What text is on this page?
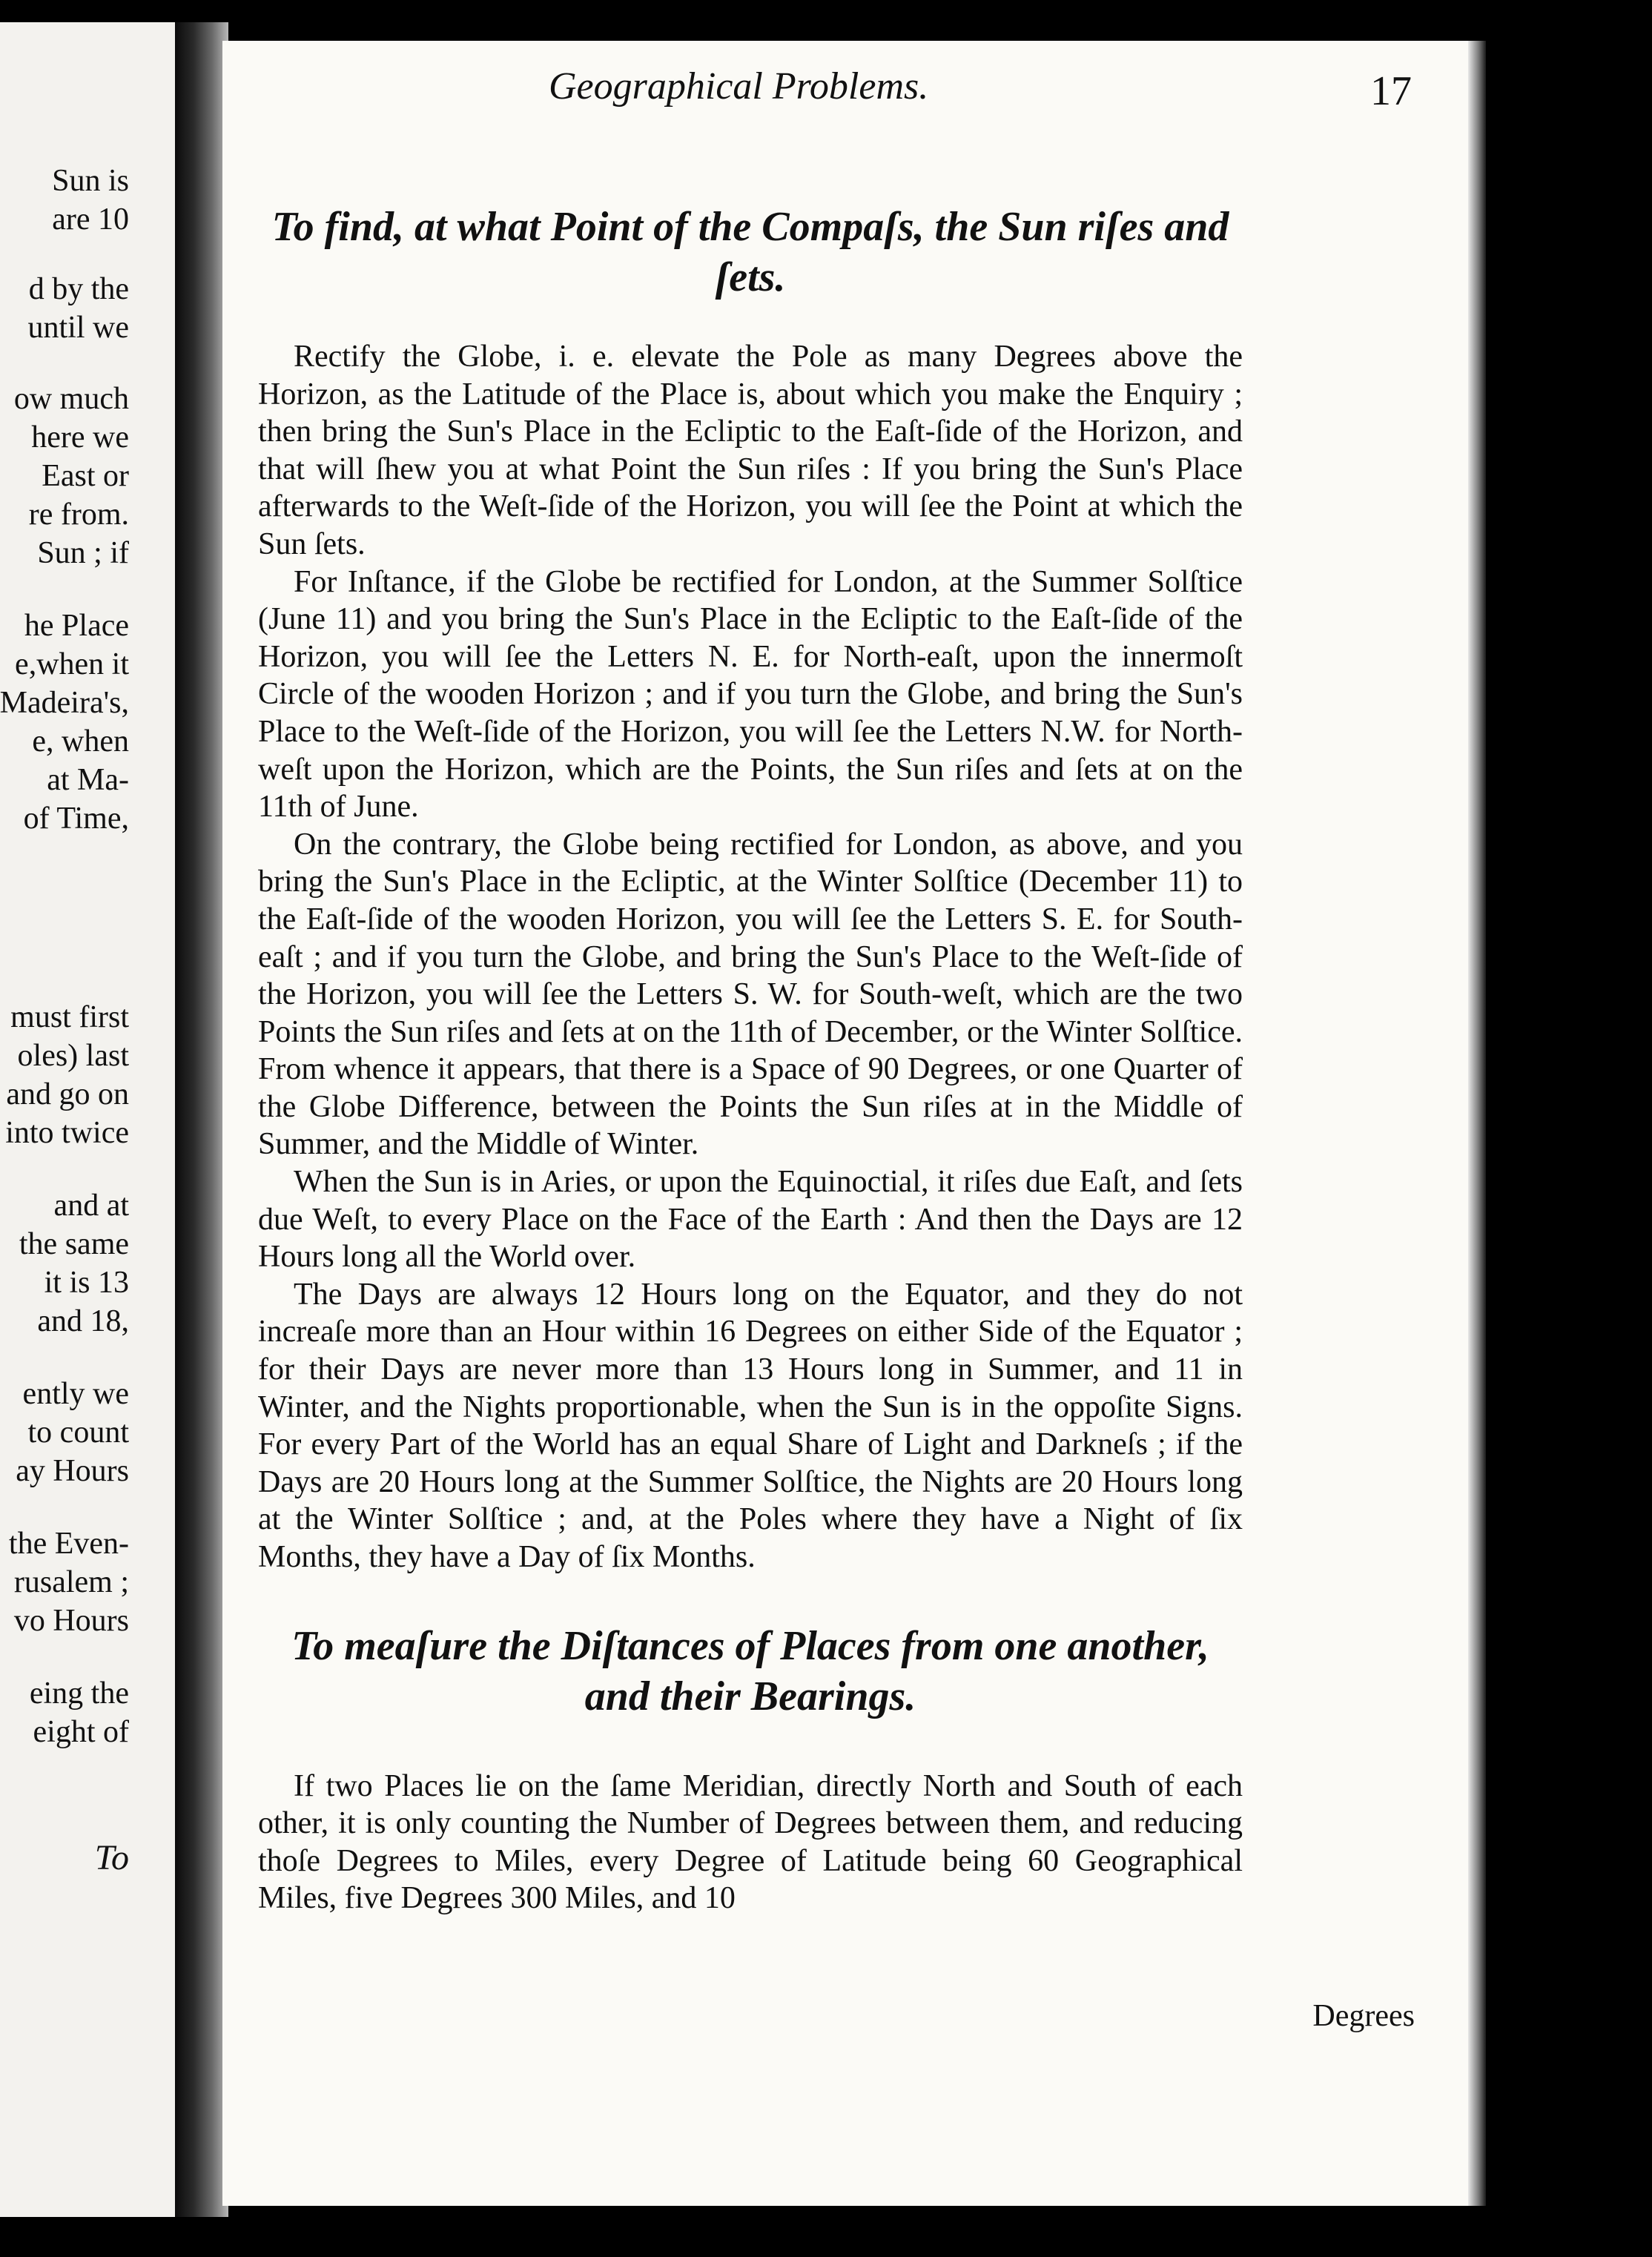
Sun is

are 10

d by the

until we

ow much

here we

East or

re from.

Sun ; if

he Place

e,when it

Madeira's,

e, when

at Ma-

of Time,

must first

oles) last

and go on

into twice

and at

the same

it is 13

and 18,

ently we

to count

ay Hours

the Even-

rusalem ;

vo Hours

eing the

eight of

To

Geographical Problems.	17
To find, at what Point of the Compaſs, the Sun riſes and ſets.

Rectify the Globe, i. e. elevate the Pole as many Degrees above the Horizon, as the Latitude of the Place is, about which you make the Enquiry ; then bring the Sun's Place in the Ecliptic to the Eaſt-ſide of the Horizon, and that will ſhew you at what Point the Sun riſes : If you bring the Sun's Place afterwards to the Weſt-ſide of the Horizon, you will ſee the Point at which the Sun ſets.

For Inſtance, if the Globe be rectified for London, at the Summer Solſtice (June 11) and you bring the Sun's Place in the Ecliptic to the Eaſt-ſide of the Horizon, you will ſee the Letters N. E. for North-eaſt, upon the innermoſt Circle of the wooden Horizon ; and if you turn the Globe, and bring the Sun's Place to the Weſt-ſide of the Horizon, you will ſee the Letters N.W. for North-weſt upon the Horizon, which are the Points, the Sun riſes and ſets at on the 11th of June.

On the contrary, the Globe being rectified for London, as above, and you bring the Sun's Place in the Ecliptic, at the Winter Solſtice (December 11) to the Eaſt-ſide of the wooden Horizon, you will ſee the Letters S. E. for South-eaſt ; and if you turn the Globe, and bring the Sun's Place to the Weſt-ſide of the Horizon, you will ſee the Letters S. W. for South-weſt, which are the two Points the Sun riſes and ſets at on the 11th of December, or the Winter Solſtice. From whence it appears, that there is a Space of 90 Degrees, or one Quarter of the Globe Difference, between the Points the Sun riſes at in the Middle of Summer, and the Middle of Winter.

When the Sun is in Aries, or upon the Equinoctial, it riſes due Eaſt, and ſets due Weſt, to every Place on the Face of the Earth : And then the Days are 12 Hours long all the World over.

The Days are always 12 Hours long on the Equator, and they do not increaſe more than an Hour within 16 Degrees on either Side of the Equator ; for their Days are never more than 13 Hours long in Summer, and 11 in Winter, and the Nights proportionable, when the Sun is in the oppoſite Signs. For every Part of the World has an equal Share of Light and Darkneſs ; if the Days are 20 Hours long at the Summer Solſtice, the Nights are 20 Hours long at the Winter Solſtice ; and, at the Poles where they have a Night of ſix Months, they have a Day of ſix Months.

To meaſure the Diſtances of Places from one another, and their Bearings.

If two Places lie on the ſame Meridian, directly North and South of each other, it is only counting the Number of Degrees between them, and reducing thoſe Degrees to Miles, every Degree of Latitude being 60 Geographical Miles, five Degrees 300 Miles, and 10

Degrees
